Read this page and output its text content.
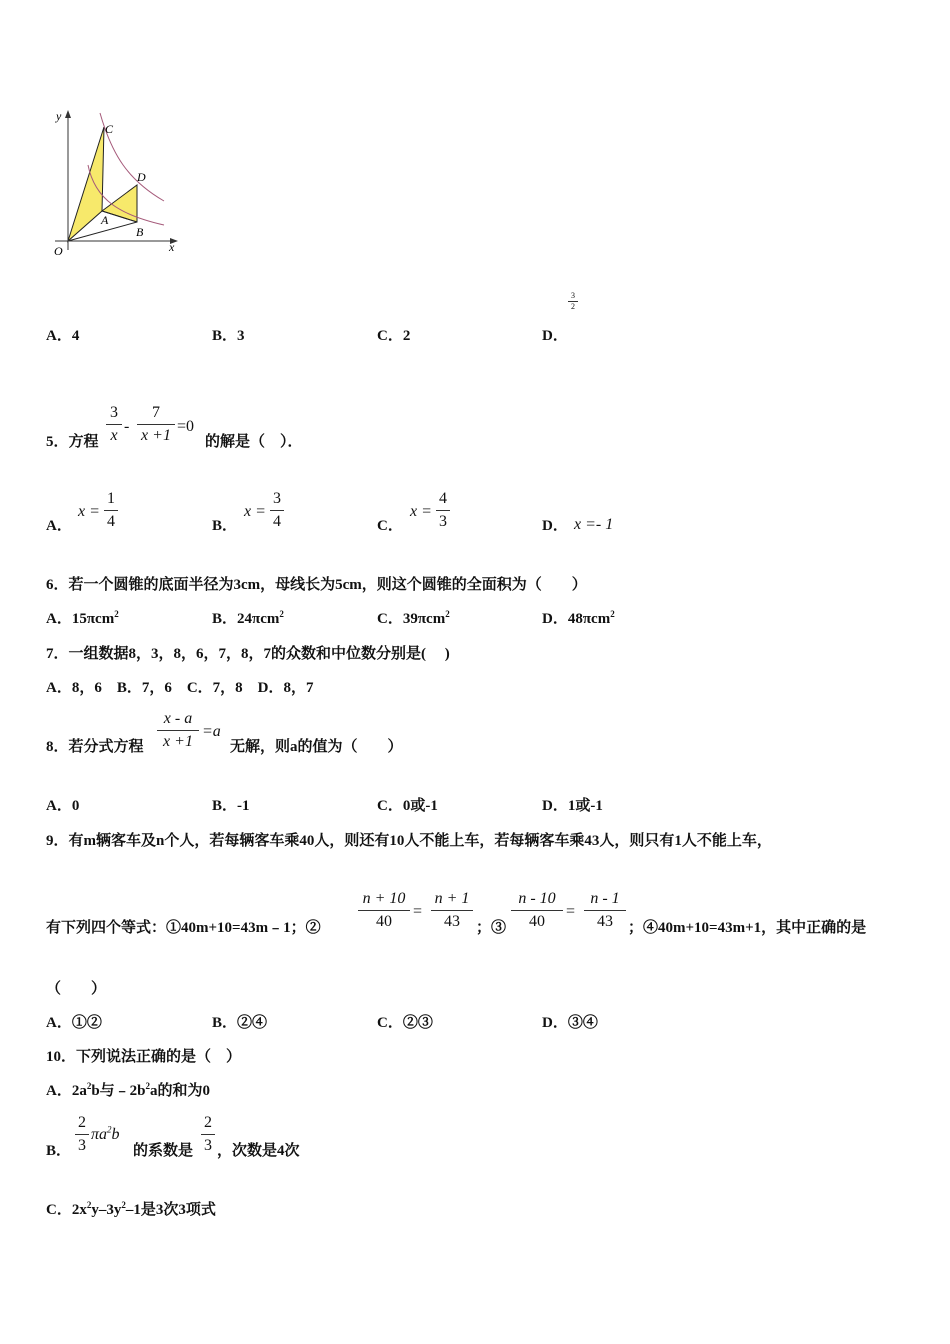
y
C
D
A
B
O	x
A．4	B．3	C．2	D．
3
2
5．方程
3
x
-
7
x +1
=0
的解是（　）．
A．
x =
1
4	B．
x =
3
4	C．
x =
4
3	D． x =- 1
6．若一个圆锥的底面半径为3cm，母线长为5cm，则这个圆锥的全面积为（　　）
A．15πcm$^2$	B．24πcm$^2$	C．39πcm$^2$	D．48πcm$^2$
7．一组数据8，3，8，6，7，8，7的众数和中位数分别是(　 )
A．8，6　B．7，6　C．7，8　D．8，7
8．若分式方程
x - a
x +1
=a
无解，则a的值为（　　）
A．0	B．-1	C．0或-1	D．1或-1
9．有m辆客车及n个人，若每辆客车乘40人，则还有10人不能上车，若每辆客车乘43人，则只有1人不能上车，
有下列四个等式：①40m+10=43m﹣1；②
n + 10
40
=
n + 1
43	；③
n - 10
40
=
n - 1
43	；④40m+10=43m+1，其中正确的是
（　　）
A．①②	B．②④	C．②③	D．③④
10．下列说法正确的是（　）
A．$2a^2b$与$﹣2b^2a$的和为0
B．
2
3
$\pi a^2b$
的系数是
2
3 ，次数是4次
C．$2x^2y-3y^2-1$是3次3项式
